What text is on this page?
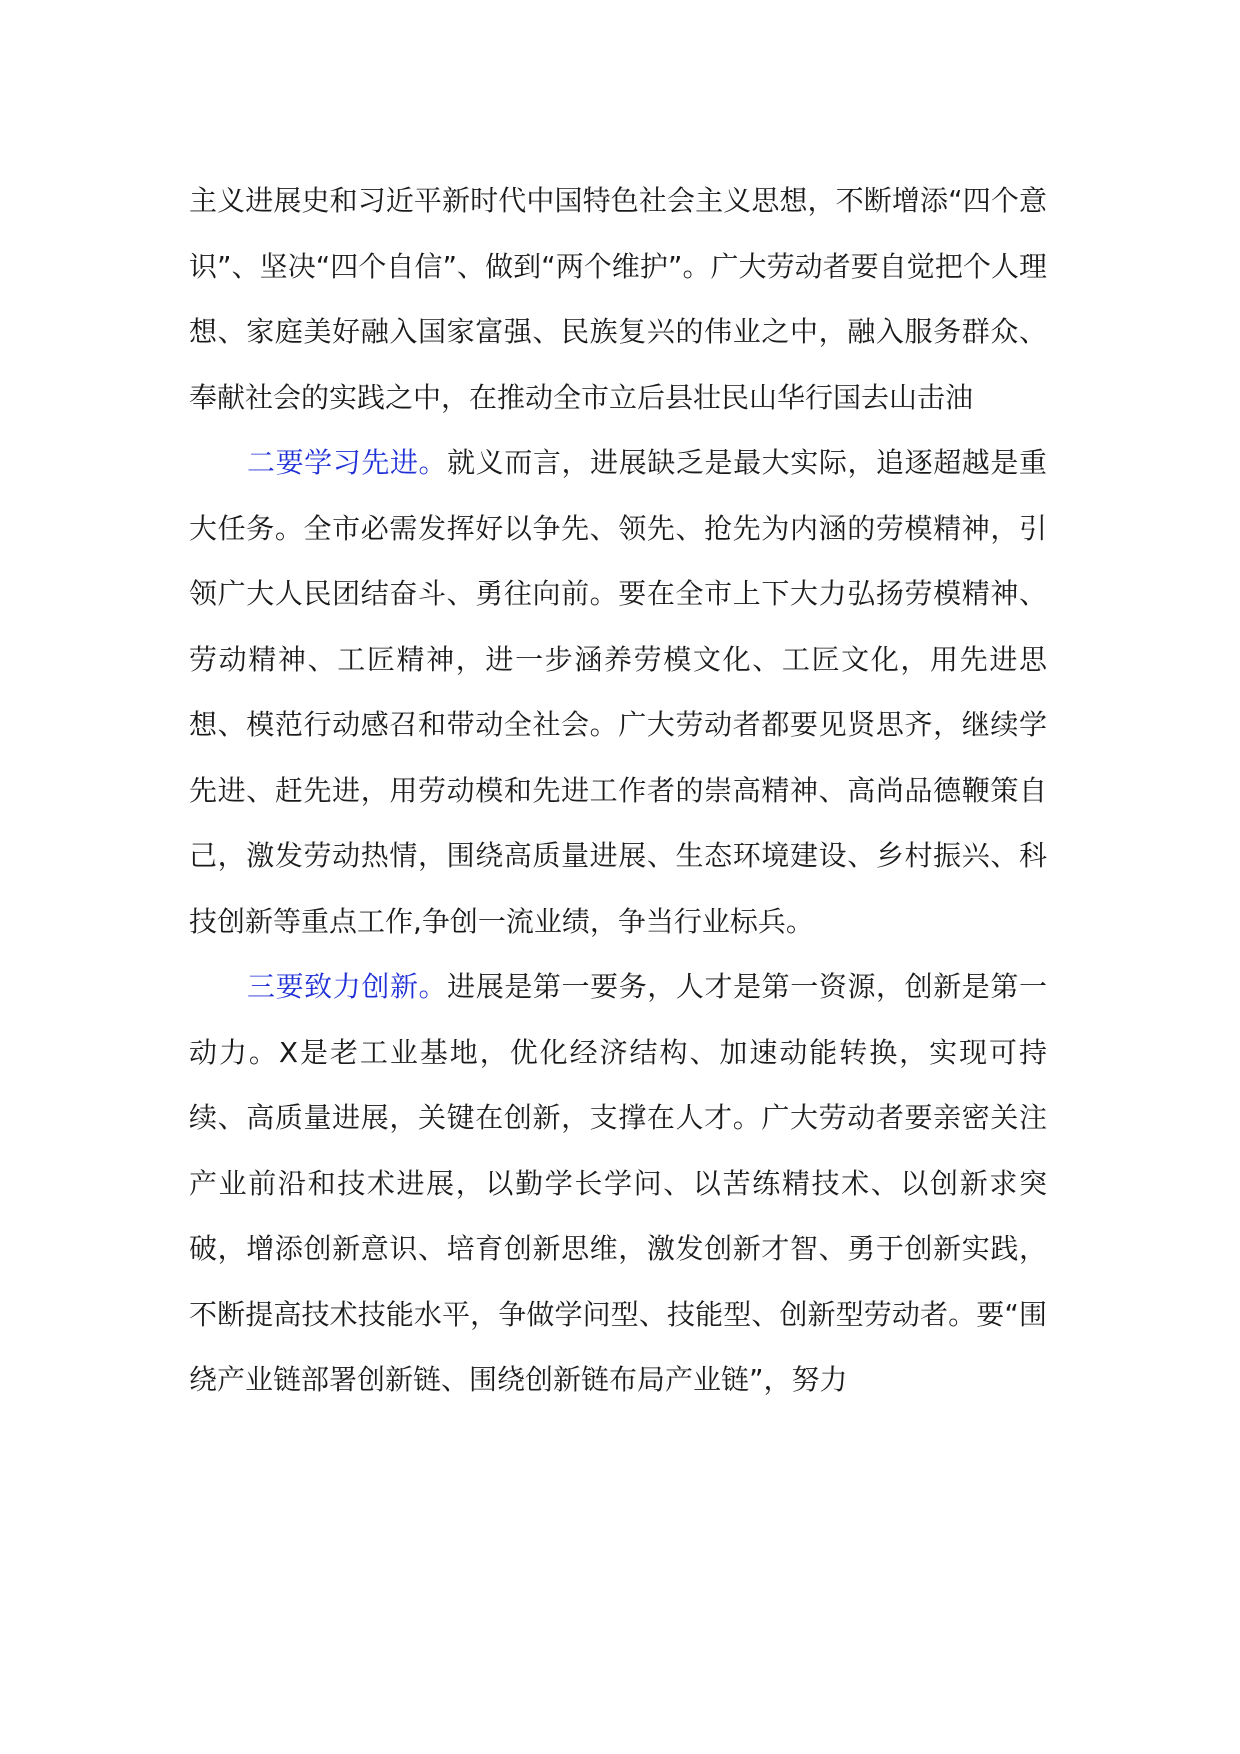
主义进展史和习近平新时代中国特色社会主义思想，不断增添“四个意识”、坚决“四个自信”、做到“两个维护”。广大劳动者要自觉把个人理想、家庭美好融入国家富强、民族复兴的伟业之中，融入服务群众、奉献社会的实践之中，在推动全市立后县壮民山华行国去山击油

二要学习先进。就义而言，进展缺乏是最大实际，追逐超越是重大任务。全市必需发挥好以争先、领先、抢先为内涵的劳模精神，引领广大人民团结奋斗、勇往向前。要在全市上下大力弘扬劳模精神、劳动精神、工匠精神，进一步涵养劳模文化、工匠文化，用先进思想、模范行动感召和带动全社会。广大劳动者都要见贤思齐，继续学先进、赶先进，用劳动模和先进工作者的崇高精神、高尚品德鞭策自己，激发劳动热情，围绕高质量进展、生态环境建设、乡村振兴、科技创新等重点工作,争创一流业绩，争当行业标兵。

三要致力创新。进展是第一要务，人才是第一资源，创新是第一动力。X是老工业基地，优化经济结构、加速动能转换，实现可持续、高质量进展，关键在创新，支撑在人才。广大劳动者要亲密关注产业前沿和技术进展，以勤学长学问、以苦练精技术、以创新求突破，增添创新意识、培育创新思维，激发创新才智、勇于创新实践，不断提高技术技能水平，争做学问型、技能型、创新型劳动者。要“围绕产业链部署创新链、围绕创新链布局产业链”，努力
